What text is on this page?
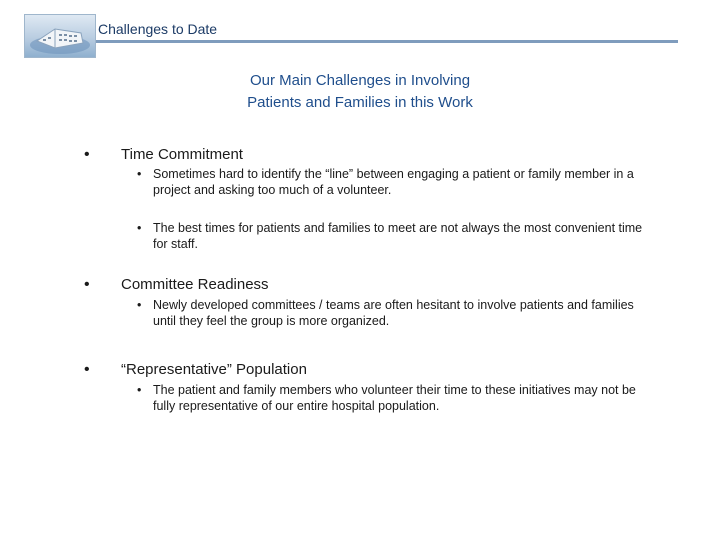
Challenges to Date
Our Main Challenges in Involving
Patients and Families in this Work
• Time Commitment
• Sometimes hard to identify the “line” between engaging a patient or family member in a project and asking too much of a volunteer.
• The best times for patients and families to meet are not always the most convenient time for staff.
• Committee Readiness
• Newly developed committees / teams are often hesitant to involve patients and families until they feel the group is more organized.
• “Representative” Population
• The patient and family members who volunteer their time to these initiatives may not be fully representative of our entire hospital population.
